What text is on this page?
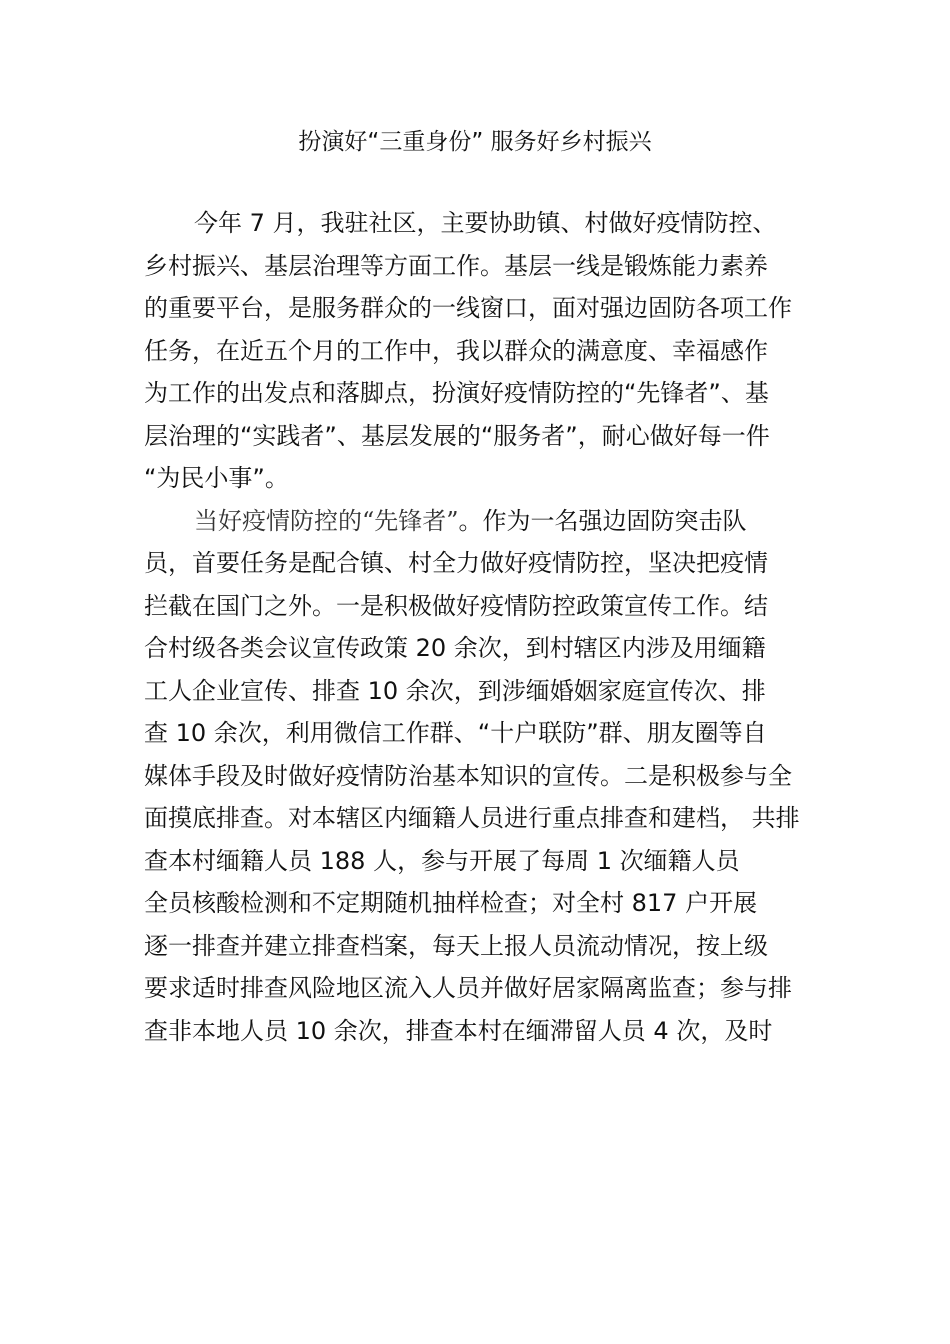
扮演好“三重身份” 服务好乡村振兴
今年 7 月，我驻社区，主要协助镇、村做好疫情防控、
乡村振兴、基层治理等方面工作。基层一线是锻炼能力素养
的重要平台，是服务群众的一线窗口，面对强边固防各项工作
任务，在近五个月的工作中，我以群众的满意度、幸福感作
为工作的出发点和落脚点，扮演好疫情防控的“先锋者”、基
层治理的“实践者”、基层发展的“服务者”，耐心做好每一件
“为民小事”。
当好疫情防控的“先锋者”。作为一名强边固防突击队
员，首要任务是配合镇、村全力做好疫情防控，坚决把疫情
拦截在国门之外。一是积极做好疫情防控政策宣传工作。结
合村级各类会议宣传政策 20 余次，到村辖区内涉及用缅籍
工人企业宣传、排查 10 余次，到涉缅婚姻家庭宣传次、排
查 10 余次，利用微信工作群、“十户联防”群、朋友圈等自
媒体手段及时做好疫情防治基本知识的宣传。二是积极参与全
面摸底排查。对本辖区内缅籍人员进行重点排查和建档， 共排
查本村缅籍人员 188 人，参与开展了每周 1 次缅籍人员
全员核酸检测和不定期随机抽样检查；对全村 817 户开展
逐一排查并建立排查档案，每天上报人员流动情况，按上级
要求适时排查风险地区流入人员并做好居家隔离监查；参与排
查非本地人员 10 余次，排查本村在缅滞留人员 4 次，及时
